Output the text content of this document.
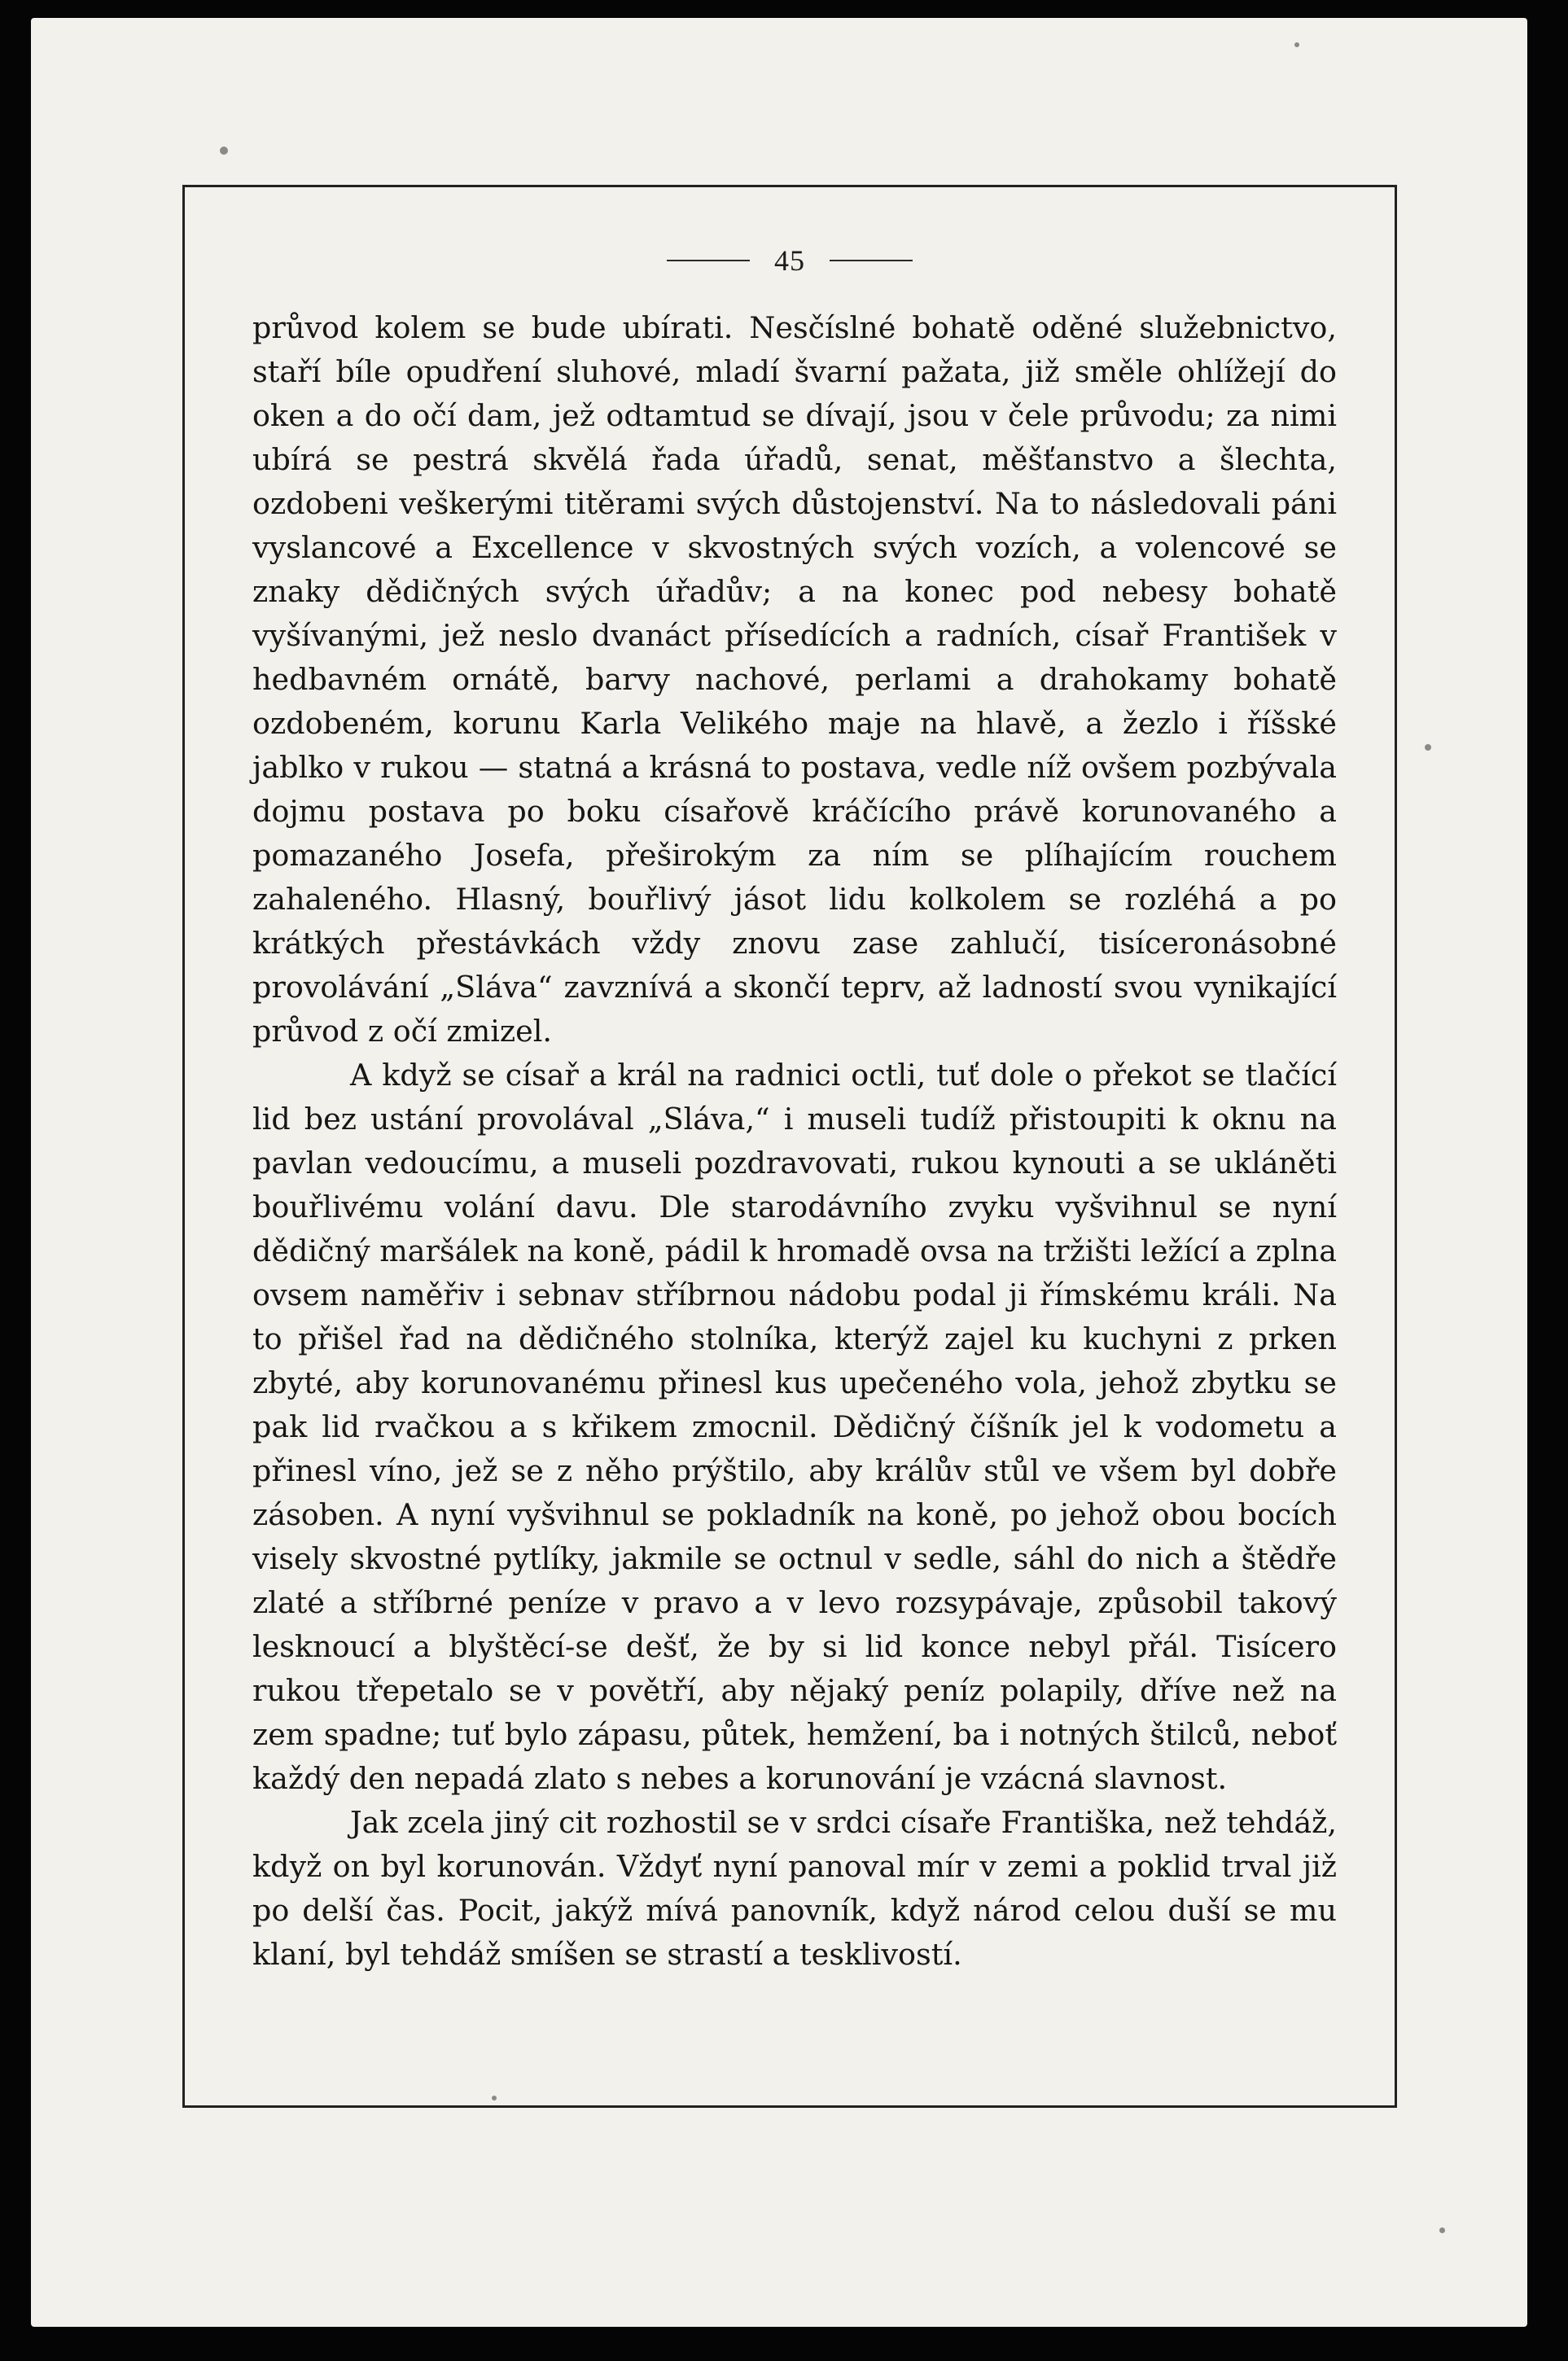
45

průvod kolem se bude ubírati. Nesčíslné bohatě oděné služebnictvo, staří bíle opudření sluhové, mladí švarní pažata, již směle ohlížejí do oken a do očí dam, jež odtamtud se dívají, jsou v čele průvodu; za nimi ubírá se pestrá skvělá řada úřadů, senat, měšťanstvo a šlechta, ozdobeni veškerými titěrami svých důstojenství. Na to následovali páni vyslancové a Excellence v skvostných svých vozích, a volencové se znaky dědičných svých úřadův; a na konec pod nebesy bohatě vyšívanými, jež neslo dvanáct přísedících a radních, císař František v hedbavném ornátě, barvy nachové, perlami a drahokamy bohatě ozdobeném, korunu Karla Velikého maje na hlavě, a žezlo i říšské jablko v rukou — statná a krásná to postava, vedle níž ovšem pozbývala dojmu postava po boku císařově kráčícího právě korunovaného a pomazaného Josefa, přeširokým za ním se plíhajícím rouchem zahaleného. Hlasný, bouřlivý jásot lidu kolkolem se rozléhá a po krátkých přestávkách vždy znovu zase zahlučí, tisíceronásobné provolávání „Sláva“ zavznívá a skončí teprv, až ladností svou vynikající průvod z očí zmizel.

A když se císař a král na radnici octli, tuť dole o překot se tlačící lid bez ustání provolával „Sláva,“ i museli tudíž přistoupiti k oknu na pavlan vedoucímu, a museli pozdravovati, rukou kynouti a se ukláněti bouřlivému volání davu. Dle starodávního zvyku vyšvihnul se nyní dědičný maršálek na koně, pádil k hromadě ovsa na tržišti ležící a zplna ovsem naměřiv i sebnav stříbrnou nádobu podal ji římskému králi. Na to přišel řad na dědičného stolníka, kterýž zajel ku kuchyni z prken zbyté, aby korunovanému přinesl kus upečeného vola, jehož zbytku se pak lid rvačkou a s křikem zmocnil. Dědičný číšník jel k vodometu a přinesl víno, jež se z něho prýštilo, aby králův stůl ve všem byl dobře zásoben. A nyní vyšvihnul se pokladník na koně, po jehož obou bocích visely skvostné pytlíky, jakmile se octnul v sedle, sáhl do nich a štědře zlaté a stříbrné peníze v pravo a v levo rozsypávaje, způsobil takový lesknoucí a blyštěcí-se dešť, že by si lid konce nebyl přál. Tisícero rukou třepetalo se v povětří, aby nějaký peníz polapily, dříve než na zem spadne; tuť bylo zápasu, půtek, hemžení, ba i notných štilců, neboť každý den nepadá zlato s nebes a korunování je vzácná slavnost.

Jak zcela jiný cit rozhostil se v srdci císaře Františka, než tehdáž, když on byl korunován. Vždyť nyní panoval mír v zemi a poklid trval již po delší čas. Pocit, jakýž mívá panovník, když národ celou duší se mu klaní, byl tehdáž smíšen se strastí a tesklivostí.
